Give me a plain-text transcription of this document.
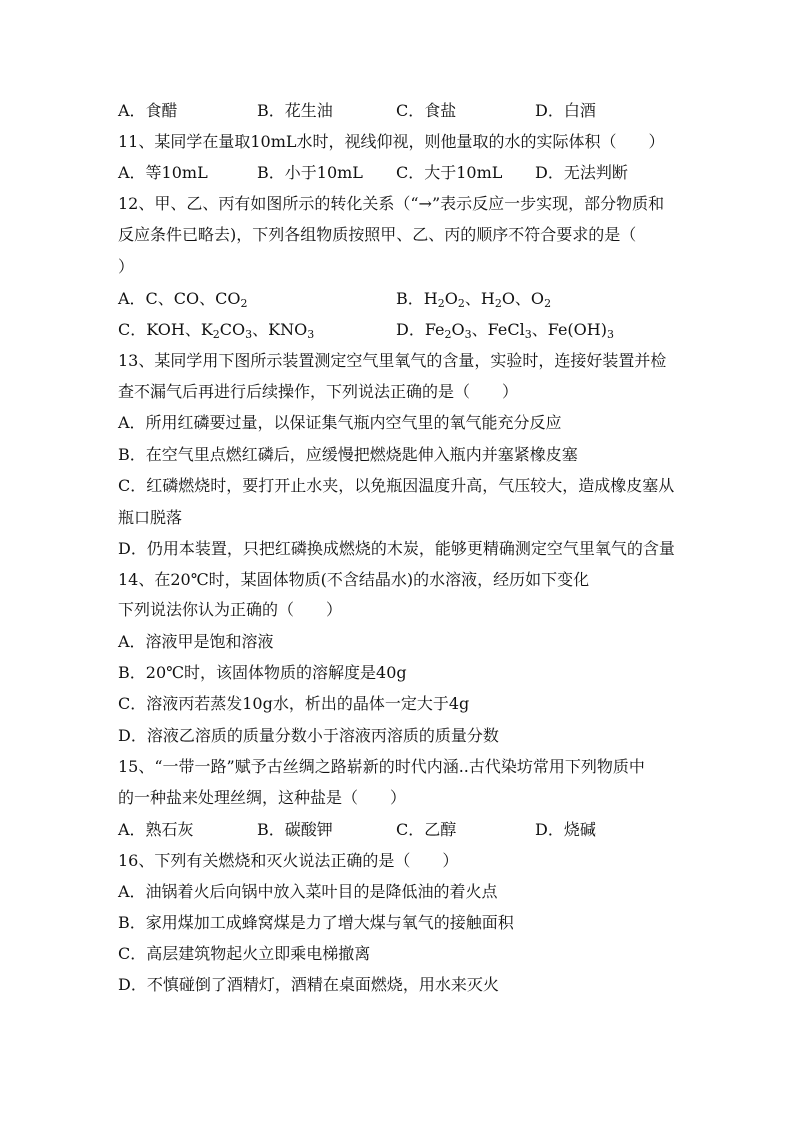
A．食醋	B．花生油	C．食盐	D．白酒
11、某同学在量取10mL水时，视线仰视，则他量取的水的实际体积（　　）
A．等10mL	B．小于10mL C．大于10mL D．无法判断
12、甲、乙、丙有如图所示的转化关系（“→”表示反应一步实现，部分物质和
反应条件已略去)，下列各组物质按照甲、乙、丙的顺序不符合要求的是（
）
A．C、CO、$CO_2$	B．$H_2O_2$、$H_2O$、$O_2$
C．KOH、$K_2CO_3$、$KNO_3$	D．$Fe_2O_3$、FeCl$_3$、$Fe(OH)_3$
13、某同学用下图所示装置测定空气里氧气的含量，实验时，连接好装置并检
查不漏气后再进行后续操作，下列说法正确的是（　　）
A．所用红磷要过量，以保证集气瓶内空气里的氧气能充分反应
B．在空气里点燃红磷后，应缓慢把燃烧匙伸入瓶内并塞紧橡皮塞
C．红磷燃烧时，要打开止水夹，以免瓶因温度升高，气压较大，造成橡皮塞从
瓶口脱落
D．仍用本装置，只把红磷换成燃烧的木炭，能够更精确测定空气里氧气的含量
14、在20℃时，某固体物质(不含结晶水)的水溶液，经历如下变化
下列说法你认为正确的（　　）
A．溶液甲是饱和溶液
B．20℃时，该固体物质的溶解度是40g
C．溶液丙若蒸发10g水，析出的晶体一定大于4g
D．溶液乙溶质的质量分数小于溶液丙溶质的质量分数
15、“一带一路”赋予古丝绸之路崭新的时代内涵..古代染坊常用下列物质中
的一种盐来处理丝绸，这种盐是（　　）
A．熟石灰	B．碳酸钾	C．乙醇	D．烧碱
16、下列有关燃烧和灭火说法正确的是（　　）
A．油锅着火后向锅中放入菜叶目的是降低油的着火点
B．家用煤加工成蜂窝煤是力了增大煤与氧气的接触面积
C．高层建筑物起火立即乘电梯撤离
D．不慎碰倒了酒精灯，酒精在桌面燃烧，用水来灭火
